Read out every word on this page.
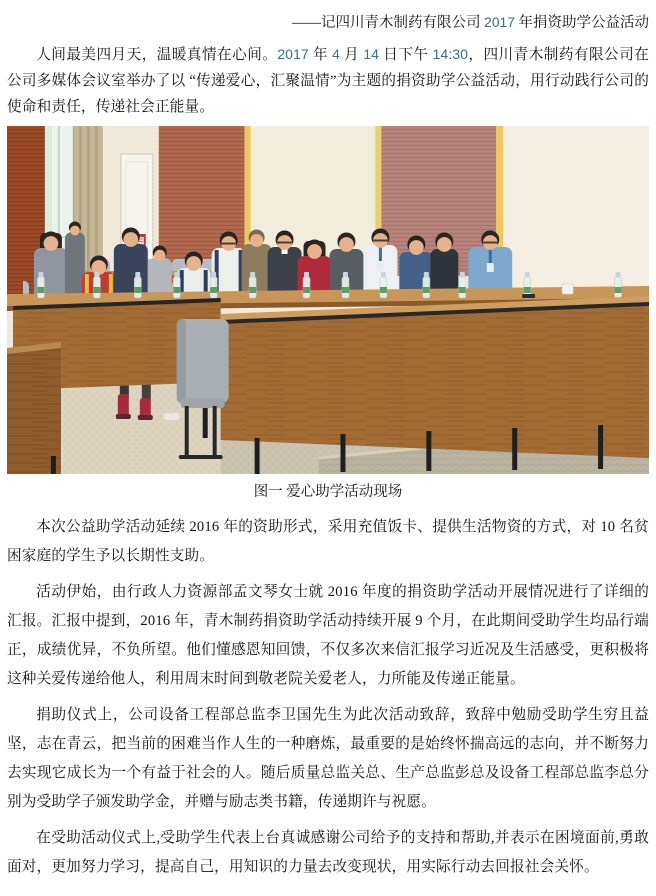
——记四川青木制药有限公司 2017 年捐资助学公益活动

人间最美四月天，温暖真情在心间。2017 年 4 月 14 日下午 14:30，四川青木制药有限公司在公司多媒体会议室举办了以 “传递爱心，汇聚温情”为主题的捐资助学公益活动，用行动践行公司的使命和责任，传递社会正能量。

图一 爱心助学活动现场

本次公益助学活动延续 2016 年的资助形式，采用充值饭卡、提供生活物资的方式，对 10 名贫困家庭的学生予以长期性支助。

活动伊始，由行政人力资源部孟文琴女士就 2016 年度的捐资助学活动开展情况进行了详细的汇报。汇报中提到，2016 年，青木制药捐资助学活动持续开展 9 个月，在此期间受助学生均品行端正，成绩优异，不负所望。他们懂感恩知回馈，不仅多次来信汇报学习近况及生活感受，更积极将这种关爱传递给他人，利用周末时间到敬老院关爱老人，力所能及传递正能量。

捐助仪式上，公司设备工程部总监李卫国先生为此次活动致辞，致辞中勉励受助学生穷且益坚，志在青云，把当前的困难当作人生的一种磨炼，最重要的是始终怀揣高远的志向，并不断努力去实现它成长为一个有益于社会的人。随后质量总监关总、生产总监彭总及设备工程部总监李总分别为受助学子颁发助学金，并赠与励志类书籍，传递期许与祝愿。

在受助活动仪式上,受助学生代表上台真诚感谢公司给予的支持和帮助,并表示在困境面前,勇敢面对，更加努力学习，提高自己，用知识的力量去改变现状，用实际行动去回报社会关怀。
